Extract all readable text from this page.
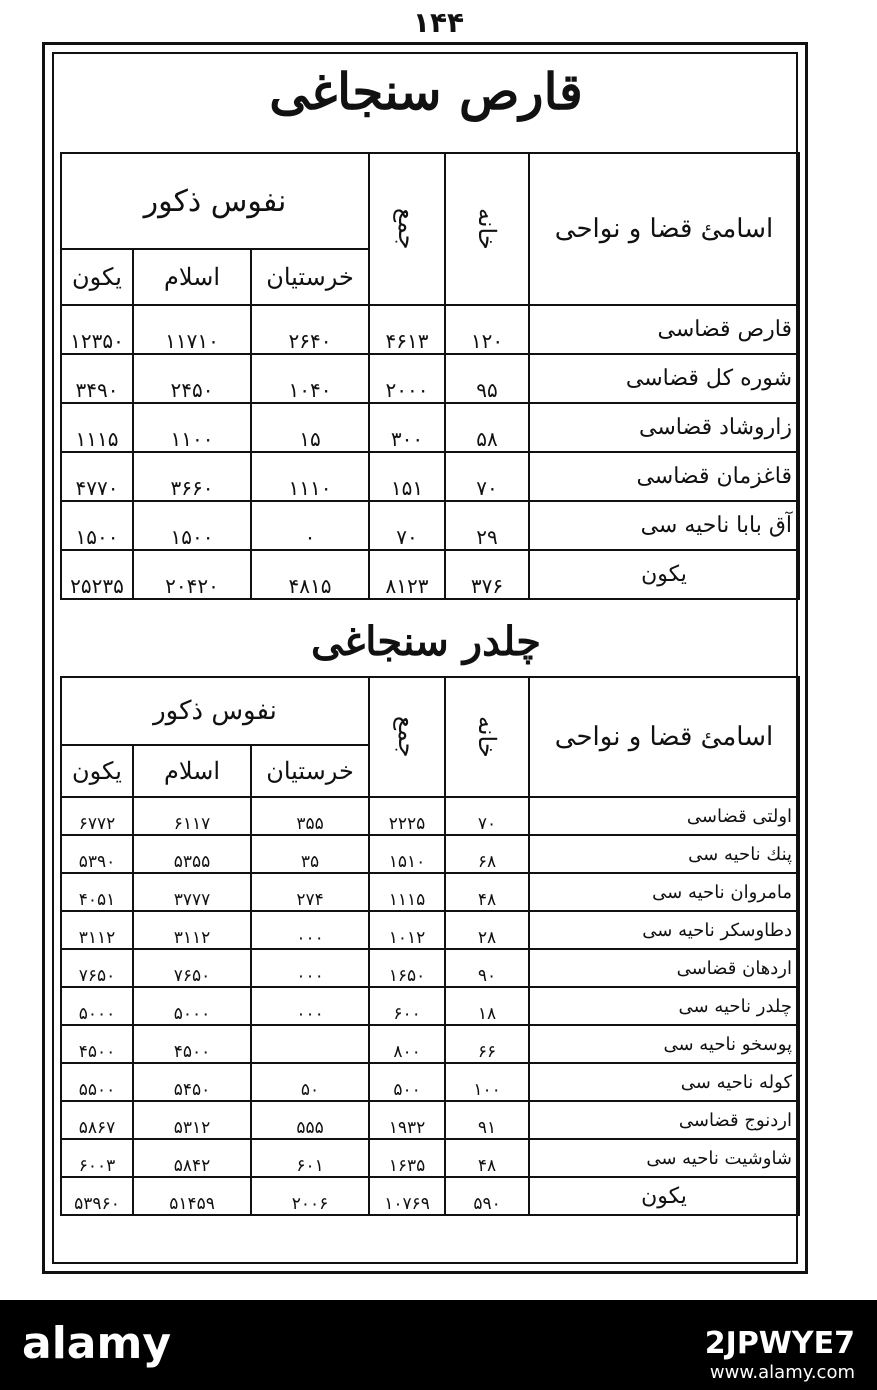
۱۴۴
قارص سنجاغی
اسامئ قضا و نواحی	خانه	جمع	نفوس ذكور		
			خرستیان	اسلام	یكون
قارص قضاسی	۱۲۰	۴۶۱۳	۲۶۴۰	۱۱۷۱۰	۱۲۳۵۰
شوره كل قضاسی	۹۵	۲۰۰۰	۱۰۴۰	۲۴۵۰	۳۴۹۰
زاروشاد قضاسی	۵۸	۳۰۰	۱۵	۱۱۰۰	۱۱۱۵
قاغزمان قضاسی	۷۰	۱۵۱	۱۱۱۰	۳۶۶۰	۴۷۷۰
آق بابا ناحیه سی	۲۹	۷۰	۰	۱۵۰۰	۱۵۰۰
یكون	۳۷۶	۸۱۲۳	۴۸۱۵	۲۰۴۲۰	۲۵۲۳۵
چلدر سنجاغی
اسامئ قضا و نواحی	خانه	جمع	نفوس ذكور		
			خرستیان	اسلام	یكون
اولتی قضاسی	۷۰	۲۲۲۵	۳۵۵	۶۱۱۷	۶۷۷۲
پنك ناحیه سی	۶۸	۱۵۱۰	۳۵	۵۳۵۵	۵۳۹۰
مامروان ناحیه سی	۴۸	۱۱۱۵	۲۷۴	۳۷۷۷	۴۰۵۱
دطاوسكر ناحیه سی	۲۸	۱۰۱۲	۰۰۰	۳۱۱۲	۳۱۱۲
اردهان قضاسی	۹۰	۱۶۵۰	۰۰۰	۷۶۵۰	۷۶۵۰
چلدر ناحیه سی	۱۸	۶۰۰	۰۰۰	۵۰۰۰	۵۰۰۰
پوسخو ناحیه سی	۶۶	۸۰۰		۴۵۰۰	۴۵۰۰
كوله ناحیه سی	۱۰۰	۵۰۰	۵۰	۵۴۵۰	۵۵۰۰
اردنوج قضاسی	۹۱	۱۹۳۲	۵۵۵	۵۳۱۲	۵۸۶۷
شاوشیت ناحیه سی	۴۸	۱۶۳۵	۶۰۱	۵۸۴۲	۶۰۰۳
یكون	۵۹۰	۱۰۷۶۹	۲۰۰۶	۵۱۴۵۹	۵۳۹۶۰
alamy	2JPWYE7
www.alamy.com
